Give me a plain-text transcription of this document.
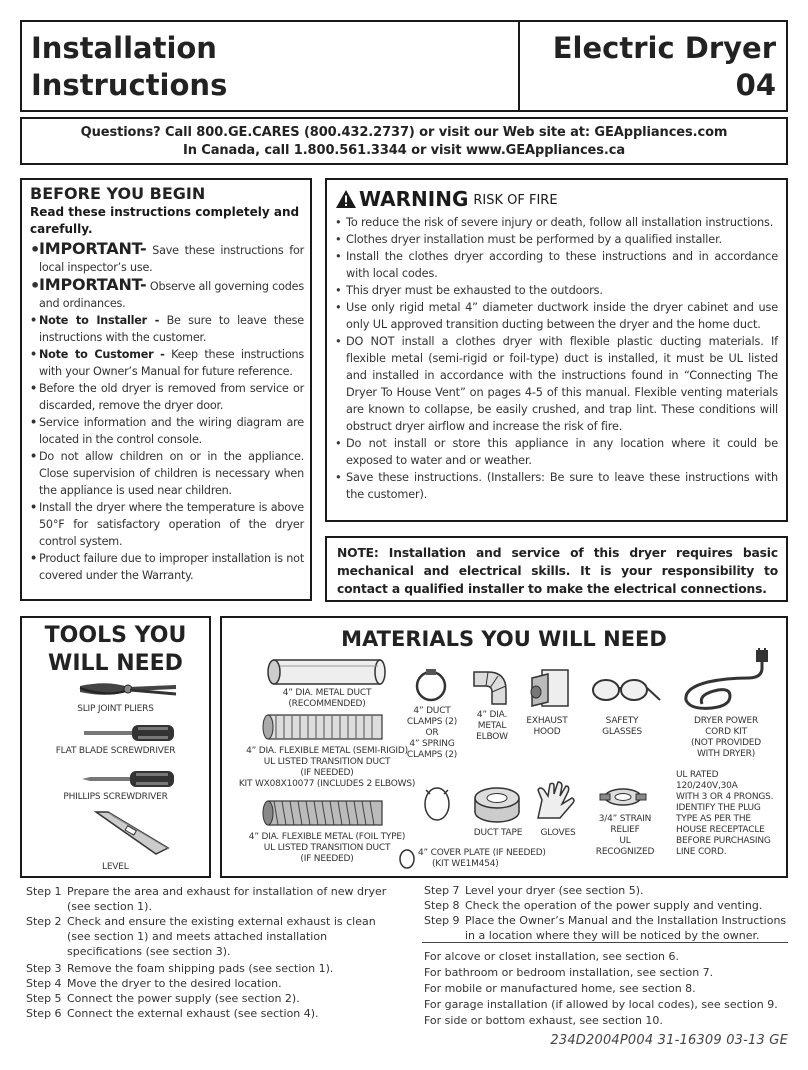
Installation
Instructions
Electric Dryer
04
Questions? Call 800.GE.CARES (800.432.2737) or visit our Web site at: GEAppliances.com
In Canada, call 1.800.561.3344 or visit www.GEAppliances.ca
BEFORE YOU BEGIN
Read these instructions completely and carefully.
• IMPORTANT- Save these instructions for local inspector’s use.
• IMPORTANT- Observe all governing codes and ordinances.
• Note to Installer - Be sure to leave these instructions with the customer.
• Note to Customer - Keep these instructions with your Owner’s Manual for future reference.
• Before the old dryer is removed from service or discarded, remove the dryer door.
• Service information and the wiring diagram are located in the control console.
• Do not allow children on or in the appliance. Close supervision of children is necessary when the appliance is used near children.
• Install the dryer where the temperature is above 50°F for satisfactory operation of the dryer control system.
• Product failure due to improper installation is not covered under the Warranty.
WARNING RISK OF FIRE
• To reduce the risk of severe injury or death, follow all installation instructions.
• Clothes dryer installation must be performed by a qualified installer.
• Install the clothes dryer according to these instructions and in accordance with local codes.
• This dryer must be exhausted to the outdoors.
• Use only rigid metal 4” diameter ductwork inside the dryer cabinet and use only UL approved transition ducting between the dryer and the home duct.
• DO NOT install a clothes dryer with flexible plastic ducting materials. If flexible metal (semi-rigid or foil-type) duct is installed, it must be UL listed and installed in accordance with the instructions found in “Connecting The Dryer To House Vent” on pages 4-5 of this manual. Flexible venting materials are known to collapse, be easily crushed, and trap lint. These conditions will obstruct dryer airflow and increase the risk of fire.
• Do not install or store this appliance in any location where it could be exposed to water and or weather.
• Save these instructions. (Installers: Be sure to leave these instructions with the customer).

NOTE: Installation and service of this dryer requires basic mechanical and electrical skills. It is your responsibility to contact a qualified installer to make the electrical connections.

TOOLS YOU
WILL NEED
SLIP JOINT PLIERS
FLAT BLADE SCREWDRIVER
PHILLIPS SCREWDRIVER
LEVEL
MATERIALS YOU WILL NEED
4” DIA. METAL DUCT
(RECOMMENDED)
4” DIA. FLEXIBLE METAL (SEMI-RIGID)
UL LISTED TRANSITION DUCT
(IF NEEDED)
KIT WX08X10077 (INCLUDES 2 ELBOWS)
4” DIA. FLEXIBLE METAL (FOIL TYPE)
UL LISTED TRANSITION DUCT
(IF NEEDED)
4” DUCT
CLAMPS (2)
OR
4” SPRING
CLAMPS (2)
4” DIA. METAL
ELBOW
EXHAUST
HOOD
SAFETY
GLASSES
DRYER POWER
CORD KIT
(NOT PROVIDED
WITH DRYER)
UL RATED
120/240V,30A
WITH 3 OR 4 PRONGS.
IDENTIFY THE PLUG
TYPE AS PER THE
HOUSE RECEPTACLE
BEFORE PURCHASING
LINE CORD.
DUCT TAPE	GLOVES
3/4” STRAIN
RELIEF
UL RECOGNIZED
4” COVER PLATE (IF NEEDED)
(KIT WE1M454)
Step 1 Prepare the area and exhaust for installation of new dryer (see section 1).
Step 2 Check and ensure the existing external exhaust is clean (see section 1) and meets attached installation specifications (see section 3).
Step 3 Remove the foam shipping pads (see section 1).
Step 4 Move the dryer to the desired location.
Step 5 Connect the power supply (see section 2).
Step 6 Connect the external exhaust (see section 4).
Step 7 Level your dryer (see section 5).
Step 8 Check the operation of the power supply and venting.
Step 9 Place the Owner’s Manual and the Installation Instructions in a location where they will be noticed by the owner.
For alcove or closet installation, see section 6.
For bathroom or bedroom installation, see section 7.
For mobile or manufactured home, see section 8.
For garage installation (if allowed by local codes), see section 9.
For side or bottom exhaust, see section 10.
234D2004P004 31-16309 03-13 GE
